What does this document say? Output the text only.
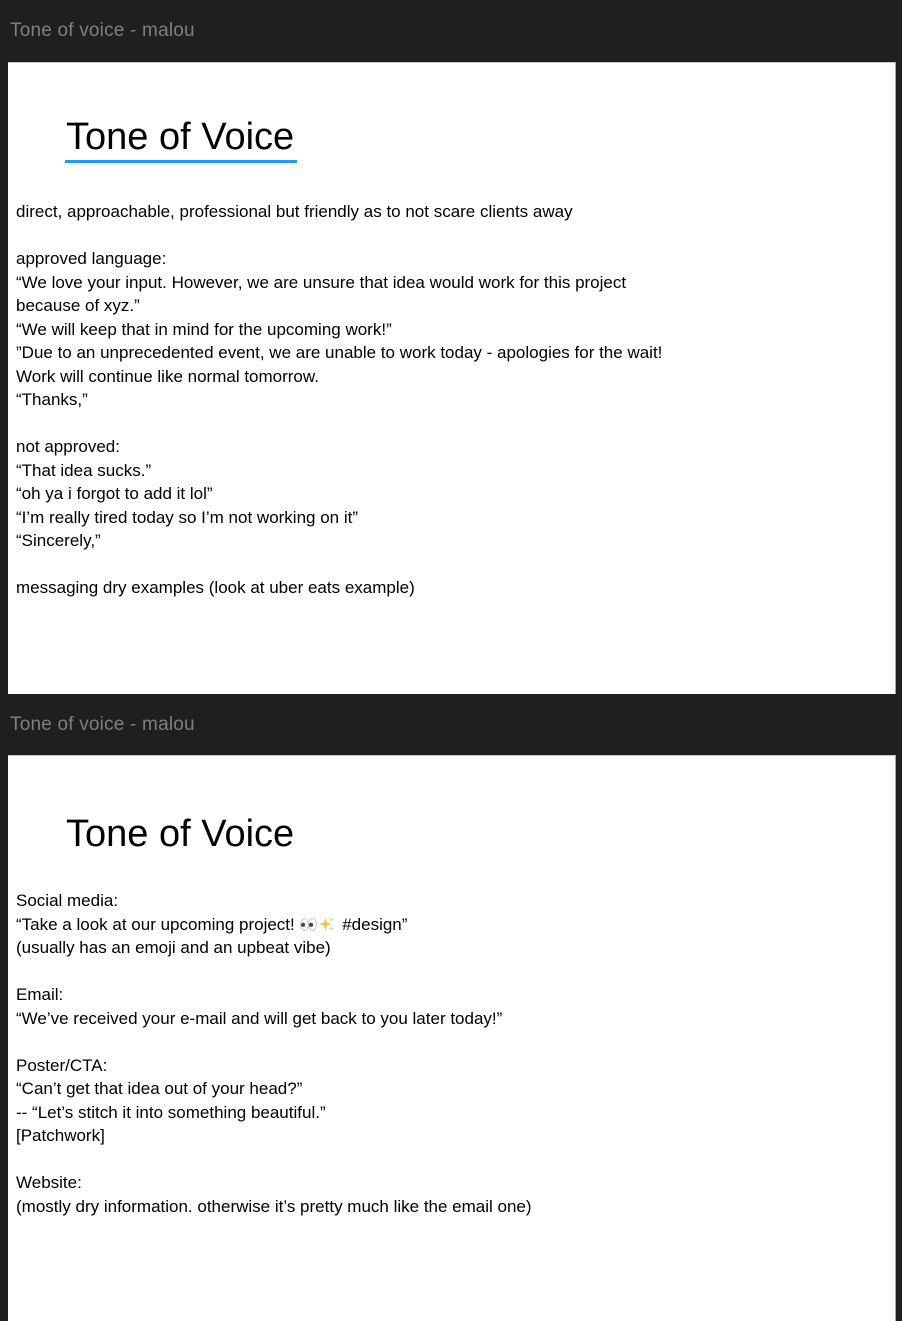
Tone of voice - malou
Tone of Voice
direct, approachable, professional but friendly as to not scare clients away
approved language:
“We love your input. However, we are unsure that idea would work for this project
because of xyz.”
“We will keep that in mind for the upcoming work!”
”Due to an unprecedented event, we are unable to work today - apologies for the wait!
Work will continue like normal tomorrow.
“Thanks,”
not approved:
“That idea sucks.”
“oh ya i forgot to add it lol”
“I’m really tired today so I’m not working on it”
“Sincerely,”
messaging dry examples (look at uber eats example)
Tone of voice - malou
Tone of Voice
Social media:
“Take a look at our upcoming project!  #design”
(usually has an emoji and an upbeat vibe)
Email:
“We’ve received your e-mail and will get back to you later today!”
Poster/CTA:
“Can’t get that idea out of your head?”
-- “Let’s stitch it into something beautiful.”
[Patchwork]
Website:
(mostly dry information. otherwise it’s pretty much like the email one)
